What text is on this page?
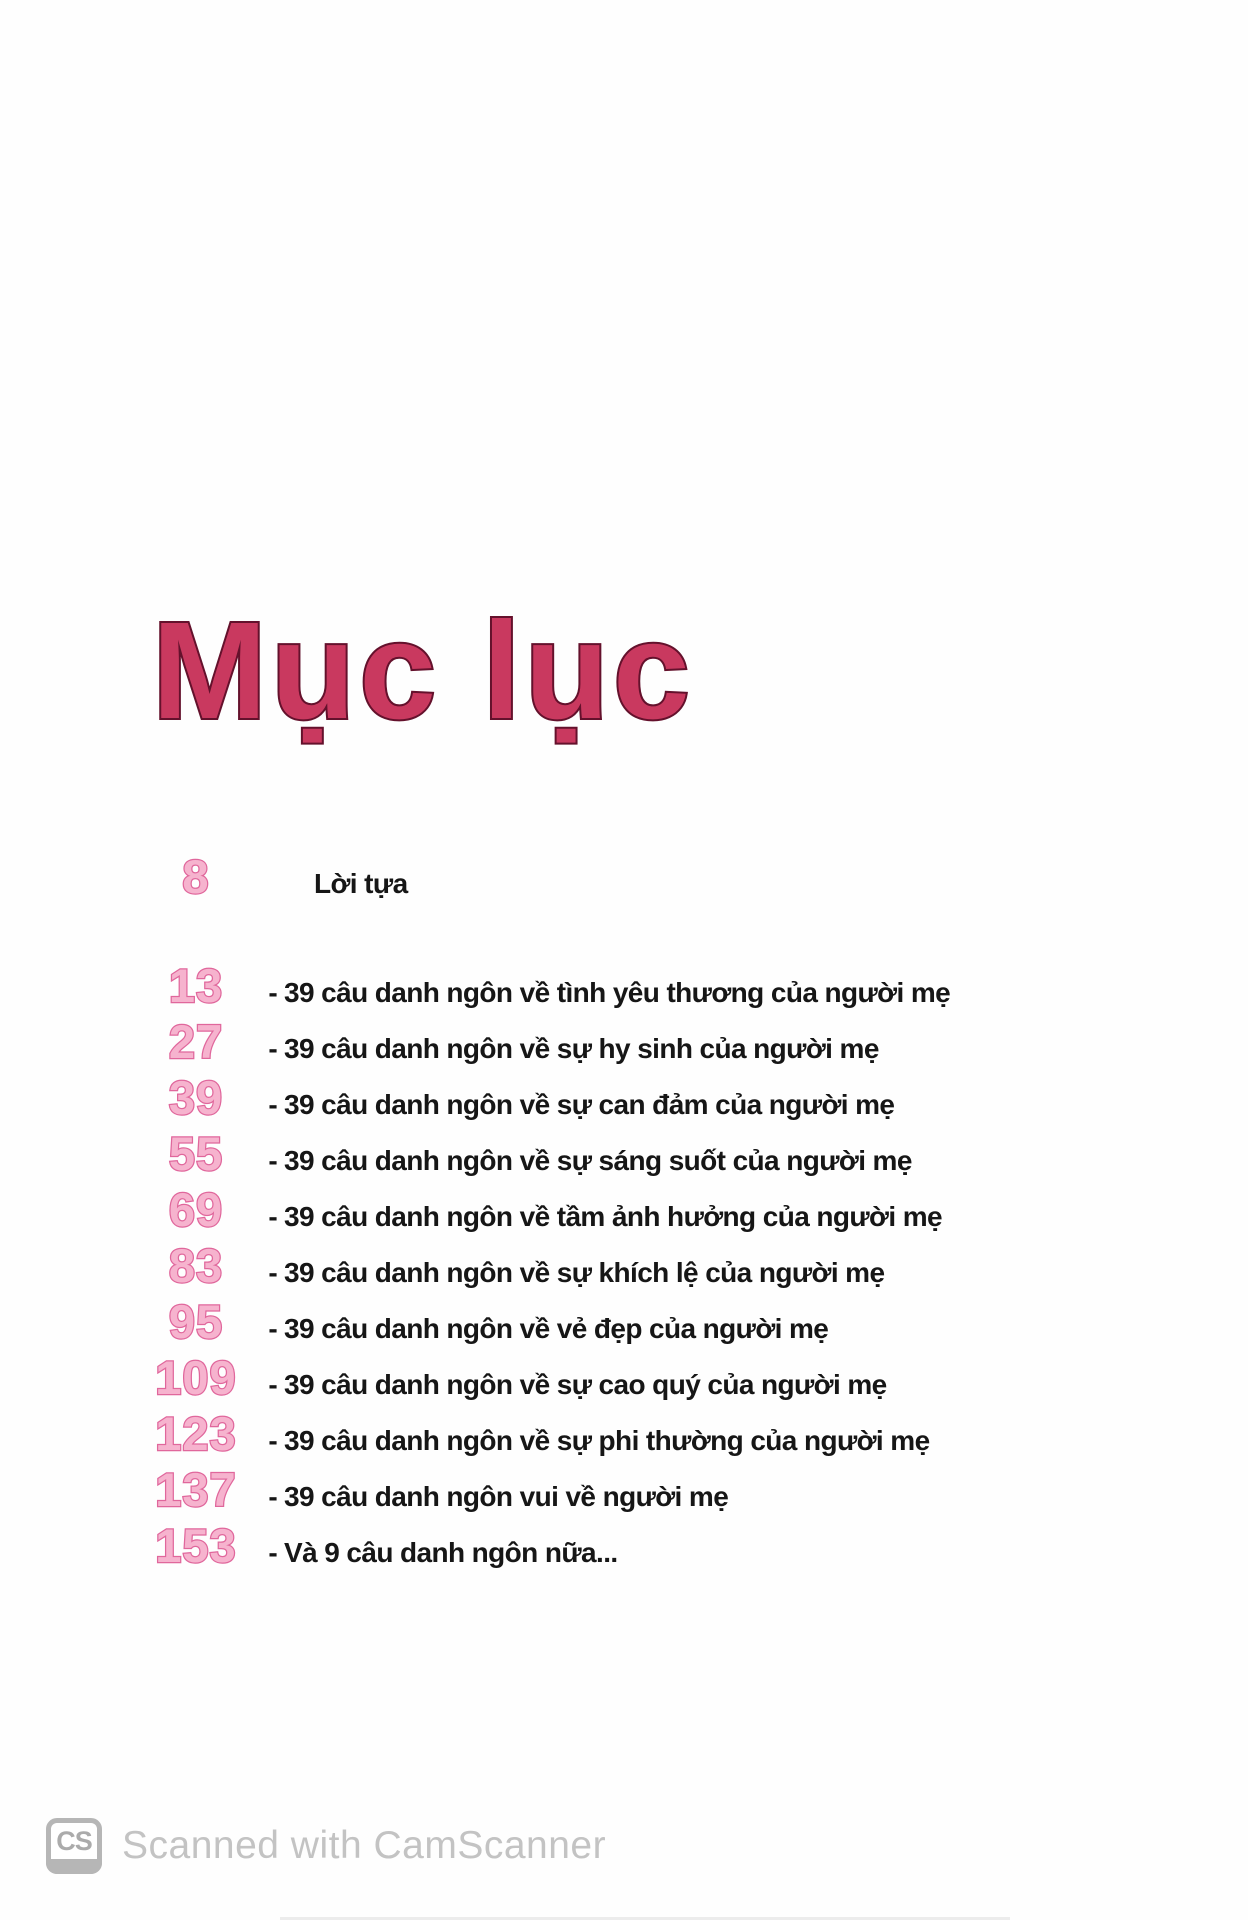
Mục lục
8	Lời tựa
13	- 39 câu danh ngôn về tình yêu thương của người mẹ
27	- 39 câu danh ngôn về sự hy sinh của người mẹ
39	- 39 câu danh ngôn về sự can đảm của người mẹ
55	- 39 câu danh ngôn về sự sáng suốt của người mẹ
69	- 39 câu danh ngôn về tầm ảnh hưởng của người mẹ
83	- 39 câu danh ngôn về sự khích lệ của người mẹ
95	- 39 câu danh ngôn về vẻ đẹp của người mẹ
109	- 39 câu danh ngôn về sự cao quý của người mẹ
123	- 39 câu danh ngôn về sự phi thường của người mẹ
137	- 39 câu danh ngôn vui về người mẹ
153	- Và 9 câu danh ngôn nữa...
CS Scanned with CamScanner
